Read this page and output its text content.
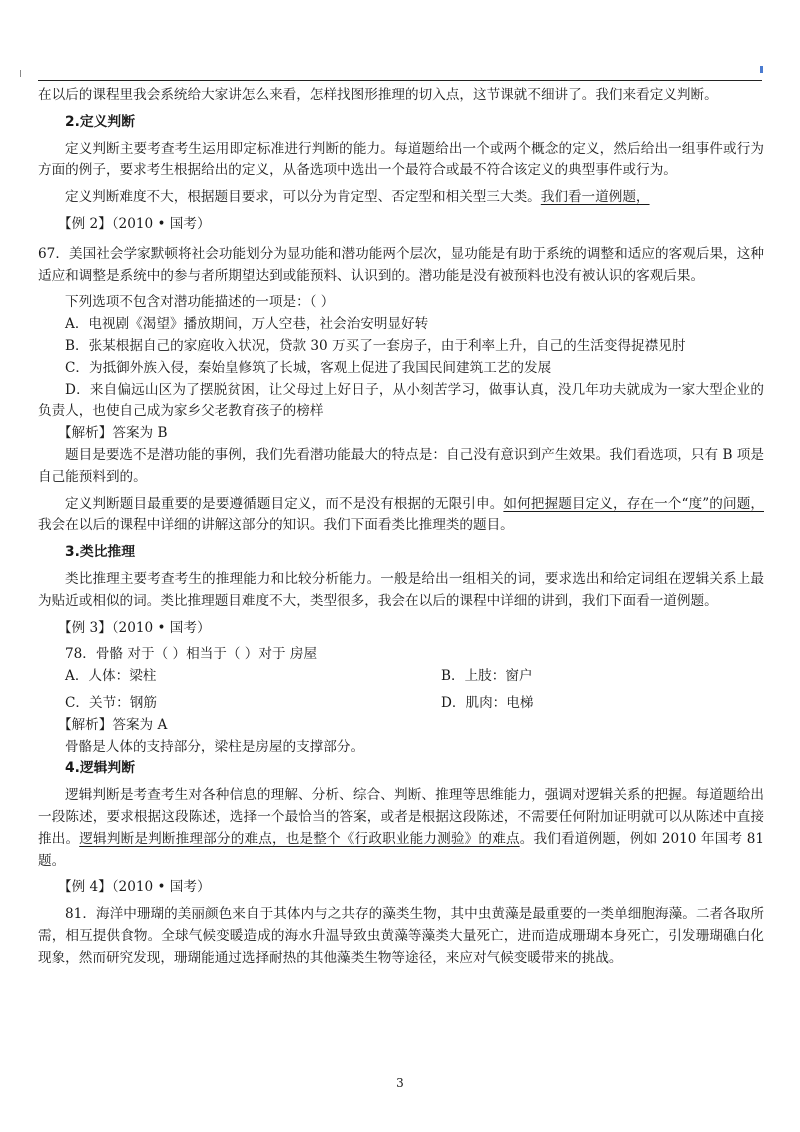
在以后的课程里我会系统给大家讲怎么来看，怎样找图形推理的切入点，这节课就不细讲了。我们来看定义判断。

2.定义判断

定义判断主要考查考生运用即定标准进行判断的能力。每道题给出一个或两个概念的定义，然后给出一组事件或行为方面的例子，要求考生根据给出的定义，从备选项中选出一个最符合或最不符合该定义的典型事件或行为。

定义判断难度不大，根据题目要求，可以分为肯定型、否定型和相关型三大类。我们看一道例题，

【例 2】（2010 • 国考）

67．美国社会学家默顿将社会功能划分为显功能和潜功能两个层次，显功能是有助于系统的调整和适应的客观后果，这种适应和调整是系统中的参与者所期望达到或能预料、认识到的。潜功能是没有被预料也没有被认识的客观后果。

下列选项不包含对潜功能描述的一项是：（ ）

A．电视剧《渴望》播放期间，万人空巷，社会治安明显好转

B．张某根据自己的家庭收入状况，贷款 30 万买了一套房子，由于利率上升，自己的生活变得捉襟见肘

C．为抵御外族入侵，秦始皇修筑了长城，客观上促进了我国民间建筑工艺的发展

D．来自偏远山区为了摆脱贫困，让父母过上好日子，从小刻苦学习，做事认真，没几年功夫就成为一家大型企业的负责人，也使自己成为家乡父老教育孩子的榜样

【解析】答案为 B

题目是要选不是潜功能的事例，我们先看潜功能最大的特点是：自己没有意识到产生效果。我们看选项，只有 B 项是自己能预料到的。

定义判断题目最重要的是要遵循题目定义，而不是没有根据的无限引申。如何把握题目定义，存在一个“度”的问题，我会在以后的课程中详细的讲解这部分的知识。我们下面看类比推理类的题目。

3.类比推理

类比推理主要考查考生的推理能力和比较分析能力。一般是给出一组相关的词，要求选出和给定词组在逻辑关系上最为贴近或相似的词。类比推理题目难度不大，类型很多，我会在以后的课程中详细的讲到，我们下面看一道例题。

【例 3】（2010 • 国考）
78．骨骼 对于（ ）相当于（ ）对于 房屋
A．人体：梁柱	B．上肢：窗户
C．关节：钢筋	D．肌肉：电梯
【解析】答案为 A
骨骼是人体的支持部分，梁柱是房屋的支撑部分。
4.逻辑判断

逻辑判断是考查考生对各种信息的理解、分析、综合、判断、推理等思维能力，强调对逻辑关系的把握。每道题给出一段陈述，要求根据这段陈述，选择一个最恰当的答案，或者是根据这段陈述，不需要任何附加证明就可以从陈述中直接推出。逻辑判断是判断推理部分的难点，也是整个《行政职业能力测验》的难点。我们看道例题，例如 2010 年国考 81 题。

【例 4】（2010 • 国考）

81．海洋中珊瑚的美丽颜色来自于其体内与之共存的藻类生物，其中虫黄藻是最重要的一类单细胞海藻。二者各取所需，相互提供食物。全球气候变暖造成的海水升温导致虫黄藻等藻类大量死亡，进而造成珊瑚本身死亡，引发珊瑚礁白化现象，然而研究发现，珊瑚能通过选择耐热的其他藻类生物等途径，来应对气候变暖带来的挑战。

3
